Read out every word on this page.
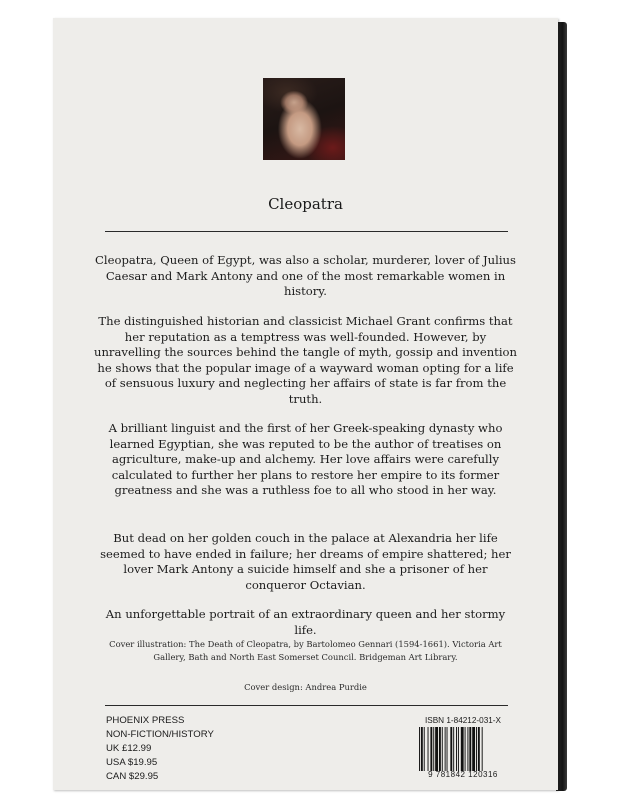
Cleopatra

Cleopatra, Queen of Egypt, was also a scholar, murderer, lover of Julius Caesar and Mark Antony and one of the most remarkable women in history.

The distinguished historian and classicist Michael Grant confirms that her reputation as a temptress was well-founded. However, by unravelling the sources behind the tangle of myth, gossip and invention he shows that the popular image of a wayward woman opting for a life of sensuous luxury and neglecting her affairs of state is far from the truth.

A brilliant linguist and the first of her Greek-speaking dynasty who learned Egyptian, she was reputed to be the author of treatises on agriculture, make-up and alchemy. Her love affairs were carefully calculated to further her plans to restore her empire to its former greatness and she was a ruthless foe to all who stood in her way.

But dead on her golden couch in the palace at Alexandria her life seemed to have ended in failure; her dreams of empire shattered; her lover Mark Antony a suicide himself and she a prisoner of her conqueror Octavian.

An unforgettable portrait of an extraordinary queen and her stormy life.

Cover illustration: The Death of Cleopatra, by Bartolomeo Gennari (1594-1661). Victoria Art Gallery, Bath and North East Somerset Council. Bridgeman Art Library.

Cover design: Andrea Purdie

PHOENIX PRESS
NON-FICTION/HISTORY
UK £12.99
USA $19.95
CAN $29.95
ISBN 1-84212-031-X
9 781842 120316
